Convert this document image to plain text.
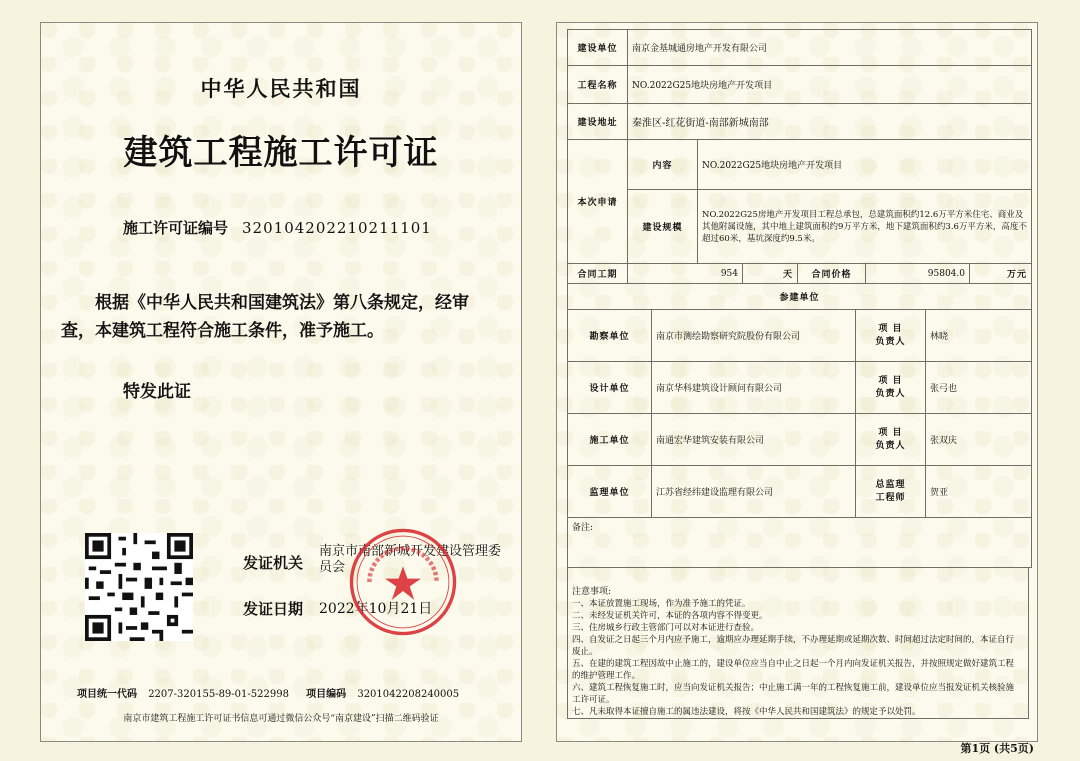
中华人民共和国
建筑工程施工许可证
施工许可证编号 320104202210211101
根据《中华人民共和国建筑法》第八条规定，经审查，本建筑工程符合施工条件，准予施工。
特发此证
发证机关
南京市南部新城开发建设管理委员会
发证日期 2022年10月21日
项目统一代码 2207-320155-89-01-522998 项目编码 3201042208240005
南京市建筑工程施工许可证书信息可通过微信公众号“南京建设”扫描二维码验证
建设单位	南京金基城通房地产开发有限公司	
工程名称	NO.2022G25地块房地产开发项目	
建设地址	秦淮区-红花街道-南部新城南部	
本次申请	内容	NO.2022G25地块房地产开发项目
	建设规模	NO.2022G25房地产开发项目工程总承包，总建筑面积约12.6万平方米住宅、商业及其他附属设施，其中地上建筑面积约9万平方米，地下建筑面积约3.6万平方米，高度不超过60米，基坑深度约9.5米。
合同工期	954	天	合同价格	95804.0	万元
参建单位
勘察单位	南京市测绘勘察研究院股份有限公司	项 目
负责人	林晓
设计单位	南京华科建筑设计顾问有限公司	项 目
负责人	张弓也
施工单位	南通宏华建筑安装有限公司	项 目
负责人	张双庆
监理单位	江苏省经纬建设监理有限公司	总监理
工程师	贺亚
备注:			
注意事项:
一、本证放置施工现场，作为准予施工的凭证。
二、未经发证机关许可，本证的各项内容不得变更。
三、住房城乡行政主管部门可以对本证进行查验。
四、自发证之日起三个月内应予施工，逾期应办理延期手续，不办理延期或延期次数、时间超过法定时间的，本证自行废止。
五、在建的建筑工程因故中止施工的，建设单位应当自中止之日起一个月内向发证机关报告，并按照规定做好建筑工程的维护管理工作。
六、建筑工程恢复施工时，应当向发证机关报告；中止施工满一年的工程恢复施工前，建设单位应当报发证机关核验施工许可证。
七、凡未取得本证擅自施工的属违法建设，将按《中华人民共和国建筑法》的规定予以处罚。
第1页 (共5页)
